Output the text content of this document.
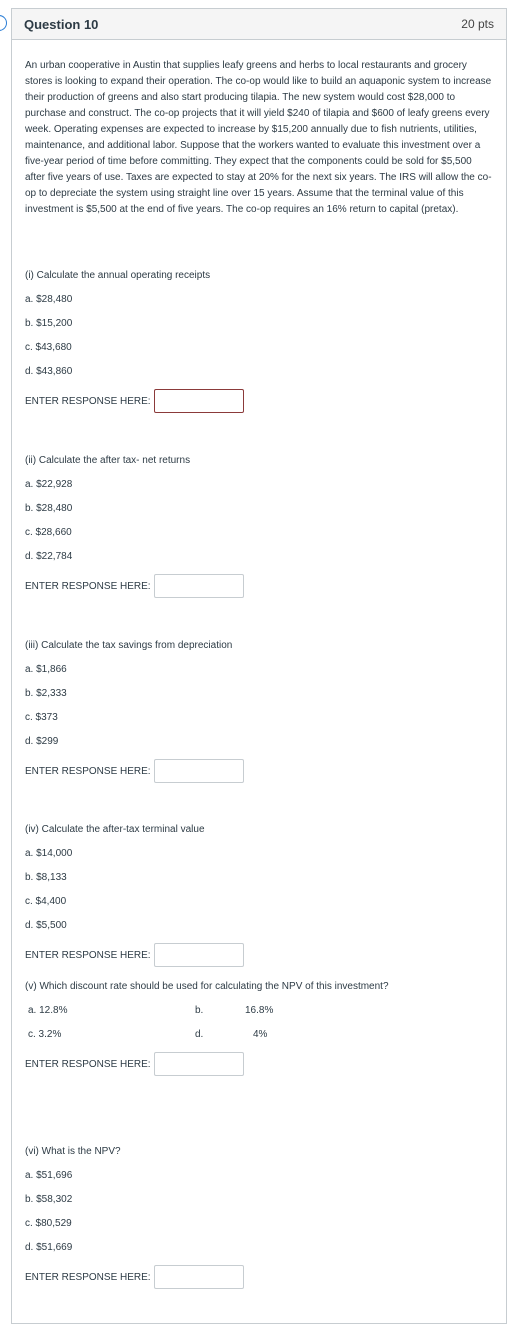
Question 10	20 pts

An urban cooperative in Austin that supplies leafy greens and herbs to local restaurants and grocery stores is looking to expand their operation. The co-op would like to build an aquaponic system to increase their production of greens and also start producing tilapia. The new system would cost $28,000 to purchase and construct. The co-op projects that it will yield $240 of tilapia and $600 of leafy greens every week. Operating expenses are expected to increase by $15,200 annually due to fish nutrients, utilities, maintenance, and additional labor. Suppose that the workers wanted to evaluate this investment over a five-year period of time before committing. They expect that the components could be sold for $5,500 after five years of use. Taxes are expected to stay at 20% for the next six years. The IRS will allow the co-op to depreciate the system using straight line over 15 years. Assume that the terminal value of this investment is $5,500 at the end of five years. The co-op requires an 16% return to capital (pretax).

(i) Calculate the annual operating receipts

a. $28,480

b. $15,200

c. $43,680

d. $43,860

ENTER RESPONSE HERE:

(ii) Calculate the after tax- net returns

a. $22,928

b. $28,480

c. $28,660

d. $22,784

ENTER RESPONSE HERE:

(iii) Calculate the tax savings from depreciation

a. $1,866

b. $2,333

c. $373

d. $299

ENTER RESPONSE HERE:

(iv) Calculate the after-tax terminal value

a. $14,000

b. $8,133

c. $4,400

d. $5,500

ENTER RESPONSE HERE:

(v) Which discount rate should be used for calculating the NPV of this investment?

a. 12.8%	b.	16.8%
c. 3.2%	d.	4%
ENTER RESPONSE HERE:

(vi) What is the NPV?

a. $51,696

b. $58,302

c. $80,529

d. $51,669

ENTER RESPONSE HERE:
